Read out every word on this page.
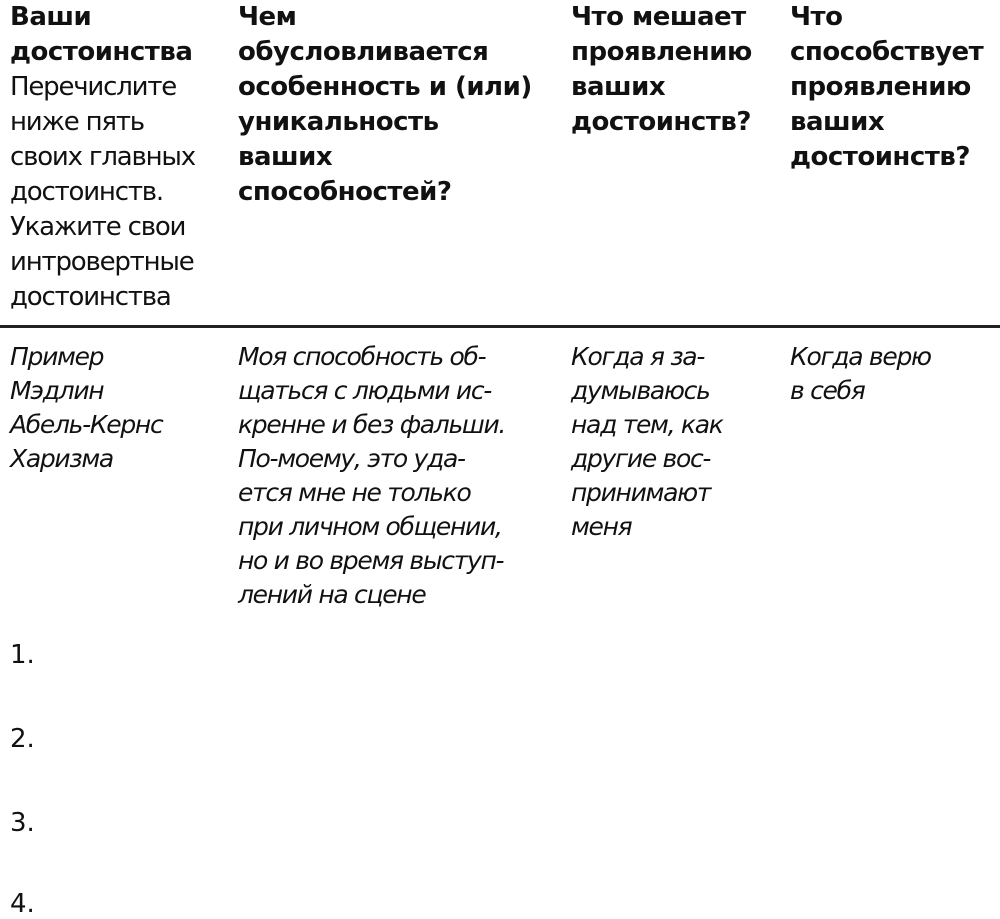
Ваши
достоинства
Перечислите
ниже пять
своих главных
достоинств.
Укажите свои
интровертные
достоинства
Чем
обусловливается
особенность и (или)
уникальность
ваших
способностей?
Что мешает
проявлению
ваших
достоинств?
Что
способствует
проявлению
ваших
достоинств?
Пример
Мэдлин
Абель-Кернс
Харизма
Моя способность об-
щаться с людьми ис-
кренне и без фальши.
По-моему, это уда-
ется мне не только
при личном общении,
но и во время выступ-
лений на сцене
Когда я за-
думываюсь
над тем, как
другие вос-
принимают
меня
Когда верю
в себя
1.
2.
3.
4.
